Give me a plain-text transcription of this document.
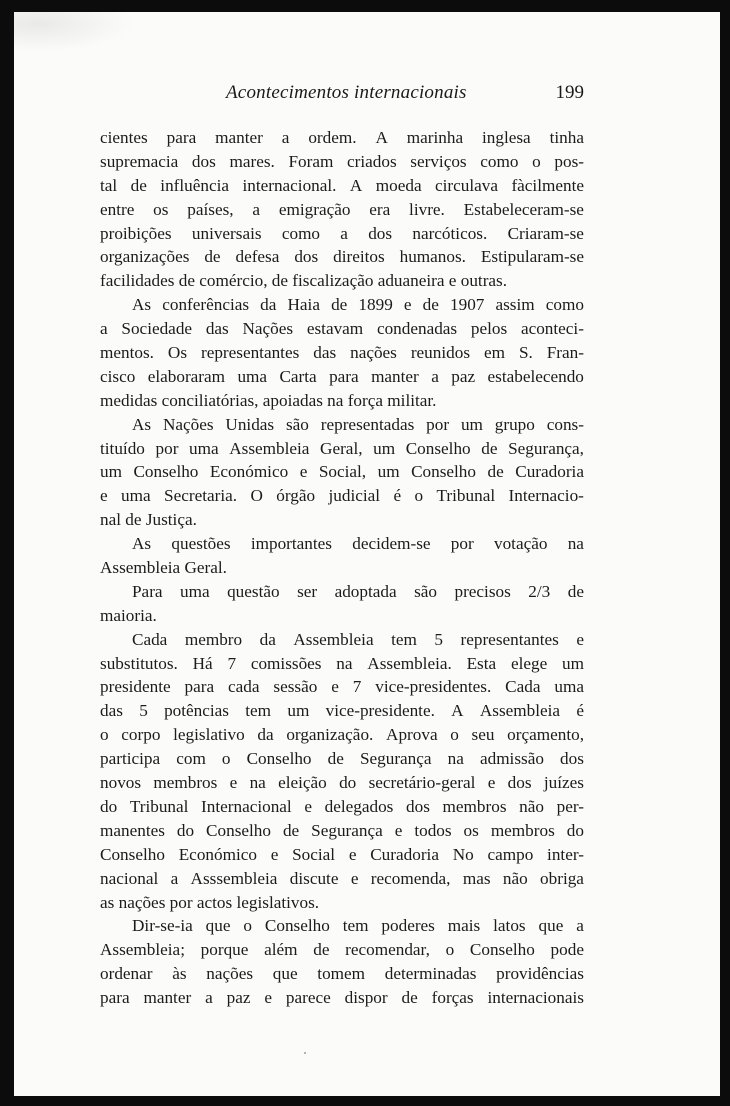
Acontecimentos internacionais	199
cientes para manter a ordem. A marinha inglesa tinha
supremacia dos mares. Foram criados serviços como o pos-
tal de influência internacional. A moeda circulava fàcilmente
entre os países, a emigração era livre. Estabeleceram-se
proibições universais como a dos narcóticos. Criaram-se
organizações de defesa dos direitos humanos. Estipularam-se
facilidades de comércio, de fiscalização aduaneira e outras.
As conferências da Haia de 1899 e de 1907 assim como
a Sociedade das Nações estavam condenadas pelos aconteci-
mentos. Os representantes das nações reunidos em S. Fran-
cisco elaboraram uma Carta para manter a paz estabelecendo
medidas conciliatórias, apoiadas na força militar.
As Nações Unidas são representadas por um grupo cons-
tituído por uma Assembleia Geral, um Conselho de Segurança,
um Conselho Económico e Social, um Conselho de Curadoria
e uma Secretaria. O órgão judicial é o Tribunal Internacio-
nal de Justiça.
As questões importantes decidem-se por votação na
Assembleia Geral.
Para uma questão ser adoptada são precisos 2/3 de
maioria.
Cada membro da Assembleia tem 5 representantes e
substitutos. Há 7 comissões na Assembleia. Esta elege um
presidente para cada sessão e 7 vice-presidentes. Cada uma
das 5 potências tem um vice-presidente. A Assembleia é
o corpo legislativo da organização. Aprova o seu orçamento,
participa com o Conselho de Segurança na admissão dos
novos membros e na eleição do secretário-geral e dos juízes
do Tribunal Internacional e delegados dos membros não per-
manentes do Conselho de Segurança e todos os membros do
Conselho Económico e Social e Curadoria No campo inter-
nacional a Asssembleia discute e recomenda, mas não obriga
as nações por actos legislativos.
Dir-se-ia que o Conselho tem poderes mais latos que a
Assembleia; porque além de recomendar, o Conselho pode
ordenar às nações que tomem determinadas providências
para manter a paz e parece dispor de forças internacionais
